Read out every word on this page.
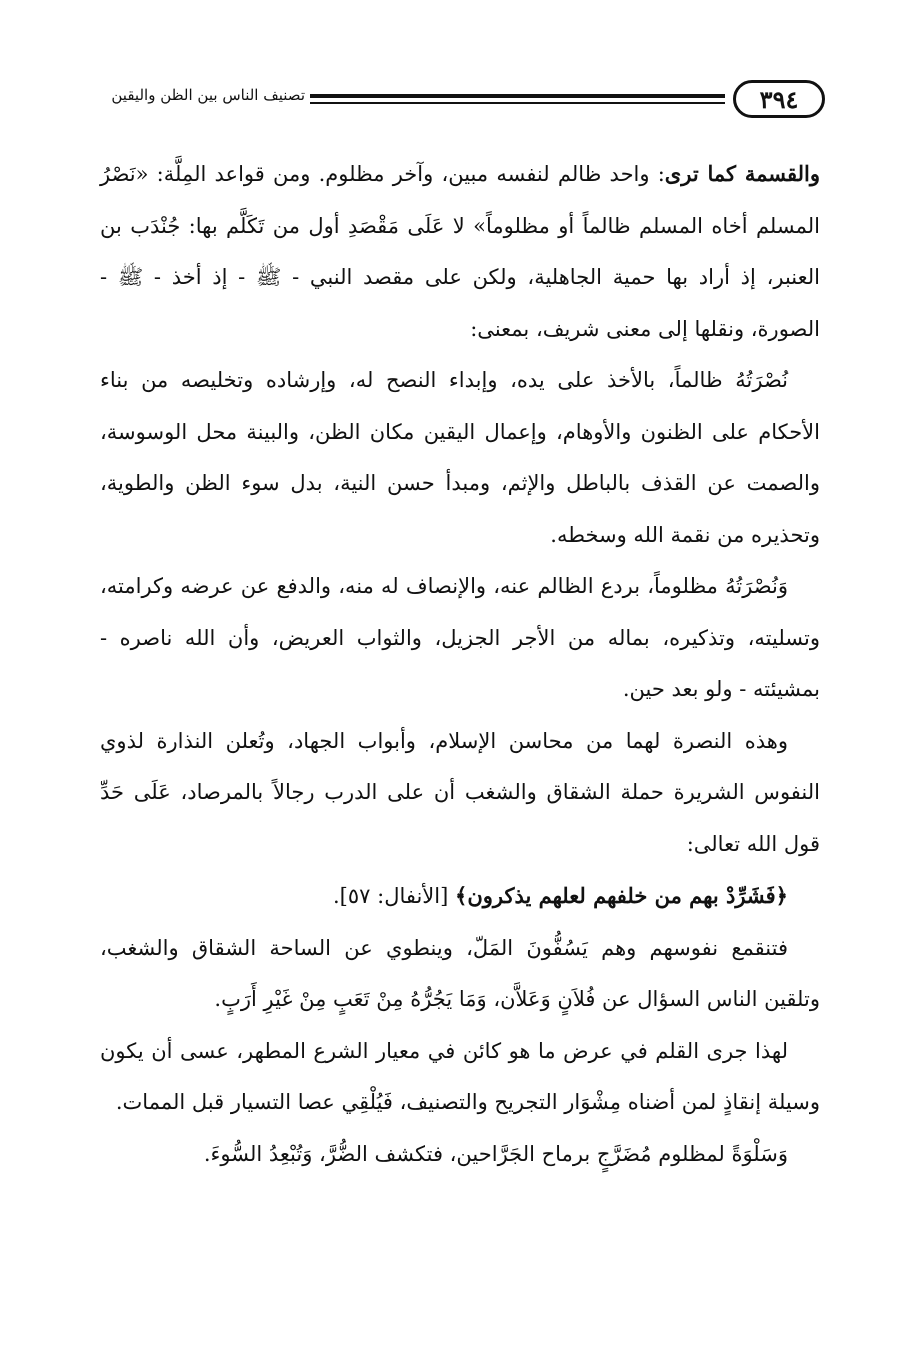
٣٩٤
تصنيف الناس بين الظن واليقين

والقسمة كما ترى: واحد ظالم لنفسه مبين، وآخر مظلوم. ومن قواعد المِلَّة: «نَصْرُ المسلم أخاه المسلم ظالماً أو مظلوماً» لا عَلَى مَقْصَدِ أول من تَكَلَّم بها: جُنْدَب بن العنبر، إذ أراد بها حمية الجاهلية، ولكن على مقصد النبي - ﷺ - إذ أخذ - ﷺ - الصورة، ونقلها إلى معنى شريف، بمعنى:

نُصْرَتُهُ ظالماً، بالأخذ على يده، وإبداء النصح له، وإرشاده وتخليصه من بناء الأحكام على الظنون والأوهام، وإعمال اليقين مكان الظن، والبينة محل الوسوسة، والصمت عن القذف بالباطل والإثم، ومبدأ حسن النية، بدل سوء الظن والطوية، وتحذيره من نقمة الله وسخطه.

وَنُصْرَتُهُ مظلوماً، بردع الظالم عنه، والإنصاف له منه، والدفع عن عرضه وكرامته، وتسليته، وتذكيره، بماله من الأجر الجزيل، والثواب العريض، وأن الله ناصره - بمشيئته - ولو بعد حين.

وهذه النصرة لهما من محاسن الإسلام، وأبواب الجهاد، وتُعلن النذارة لذوي النفوس الشريرة حملة الشقاق والشغب أن على الدرب رجالاً بالمرصاد، عَلَى حَدِّ قول الله تعالى:

﴿فَشَرِّدْ بهم من خلفهم لعلهم يذكرون﴾ [الأنفال: ٥٧].

فتنقمع نفوسهم وهم يَسُفُّونَ المَلّ، وينطوي عن الساحة الشقاق والشغب، وتلقين الناس السؤال عن فُلاَنٍ وَعَلاَّن، وَمَا يَجُرُّهُ مِنْ تَعَبٍ مِنْ غَيْرِ أَرَبٍ.

لهذا جرى القلم في عرض ما هو كائن في معيار الشرع المطهر، عسى أن يكون وسيلة إنقاذٍ لمن أضناه مِشْوَار التجريح والتصنيف، فَيُلْقِي عصا التسيار قبل الممات.

وَسَلْوَةً لمظلوم مُضَرَّجٍ برماح الجَرَّاحين، فتكشف الضُّرَّ، وَتُبْعِدُ السُّوءَ.
